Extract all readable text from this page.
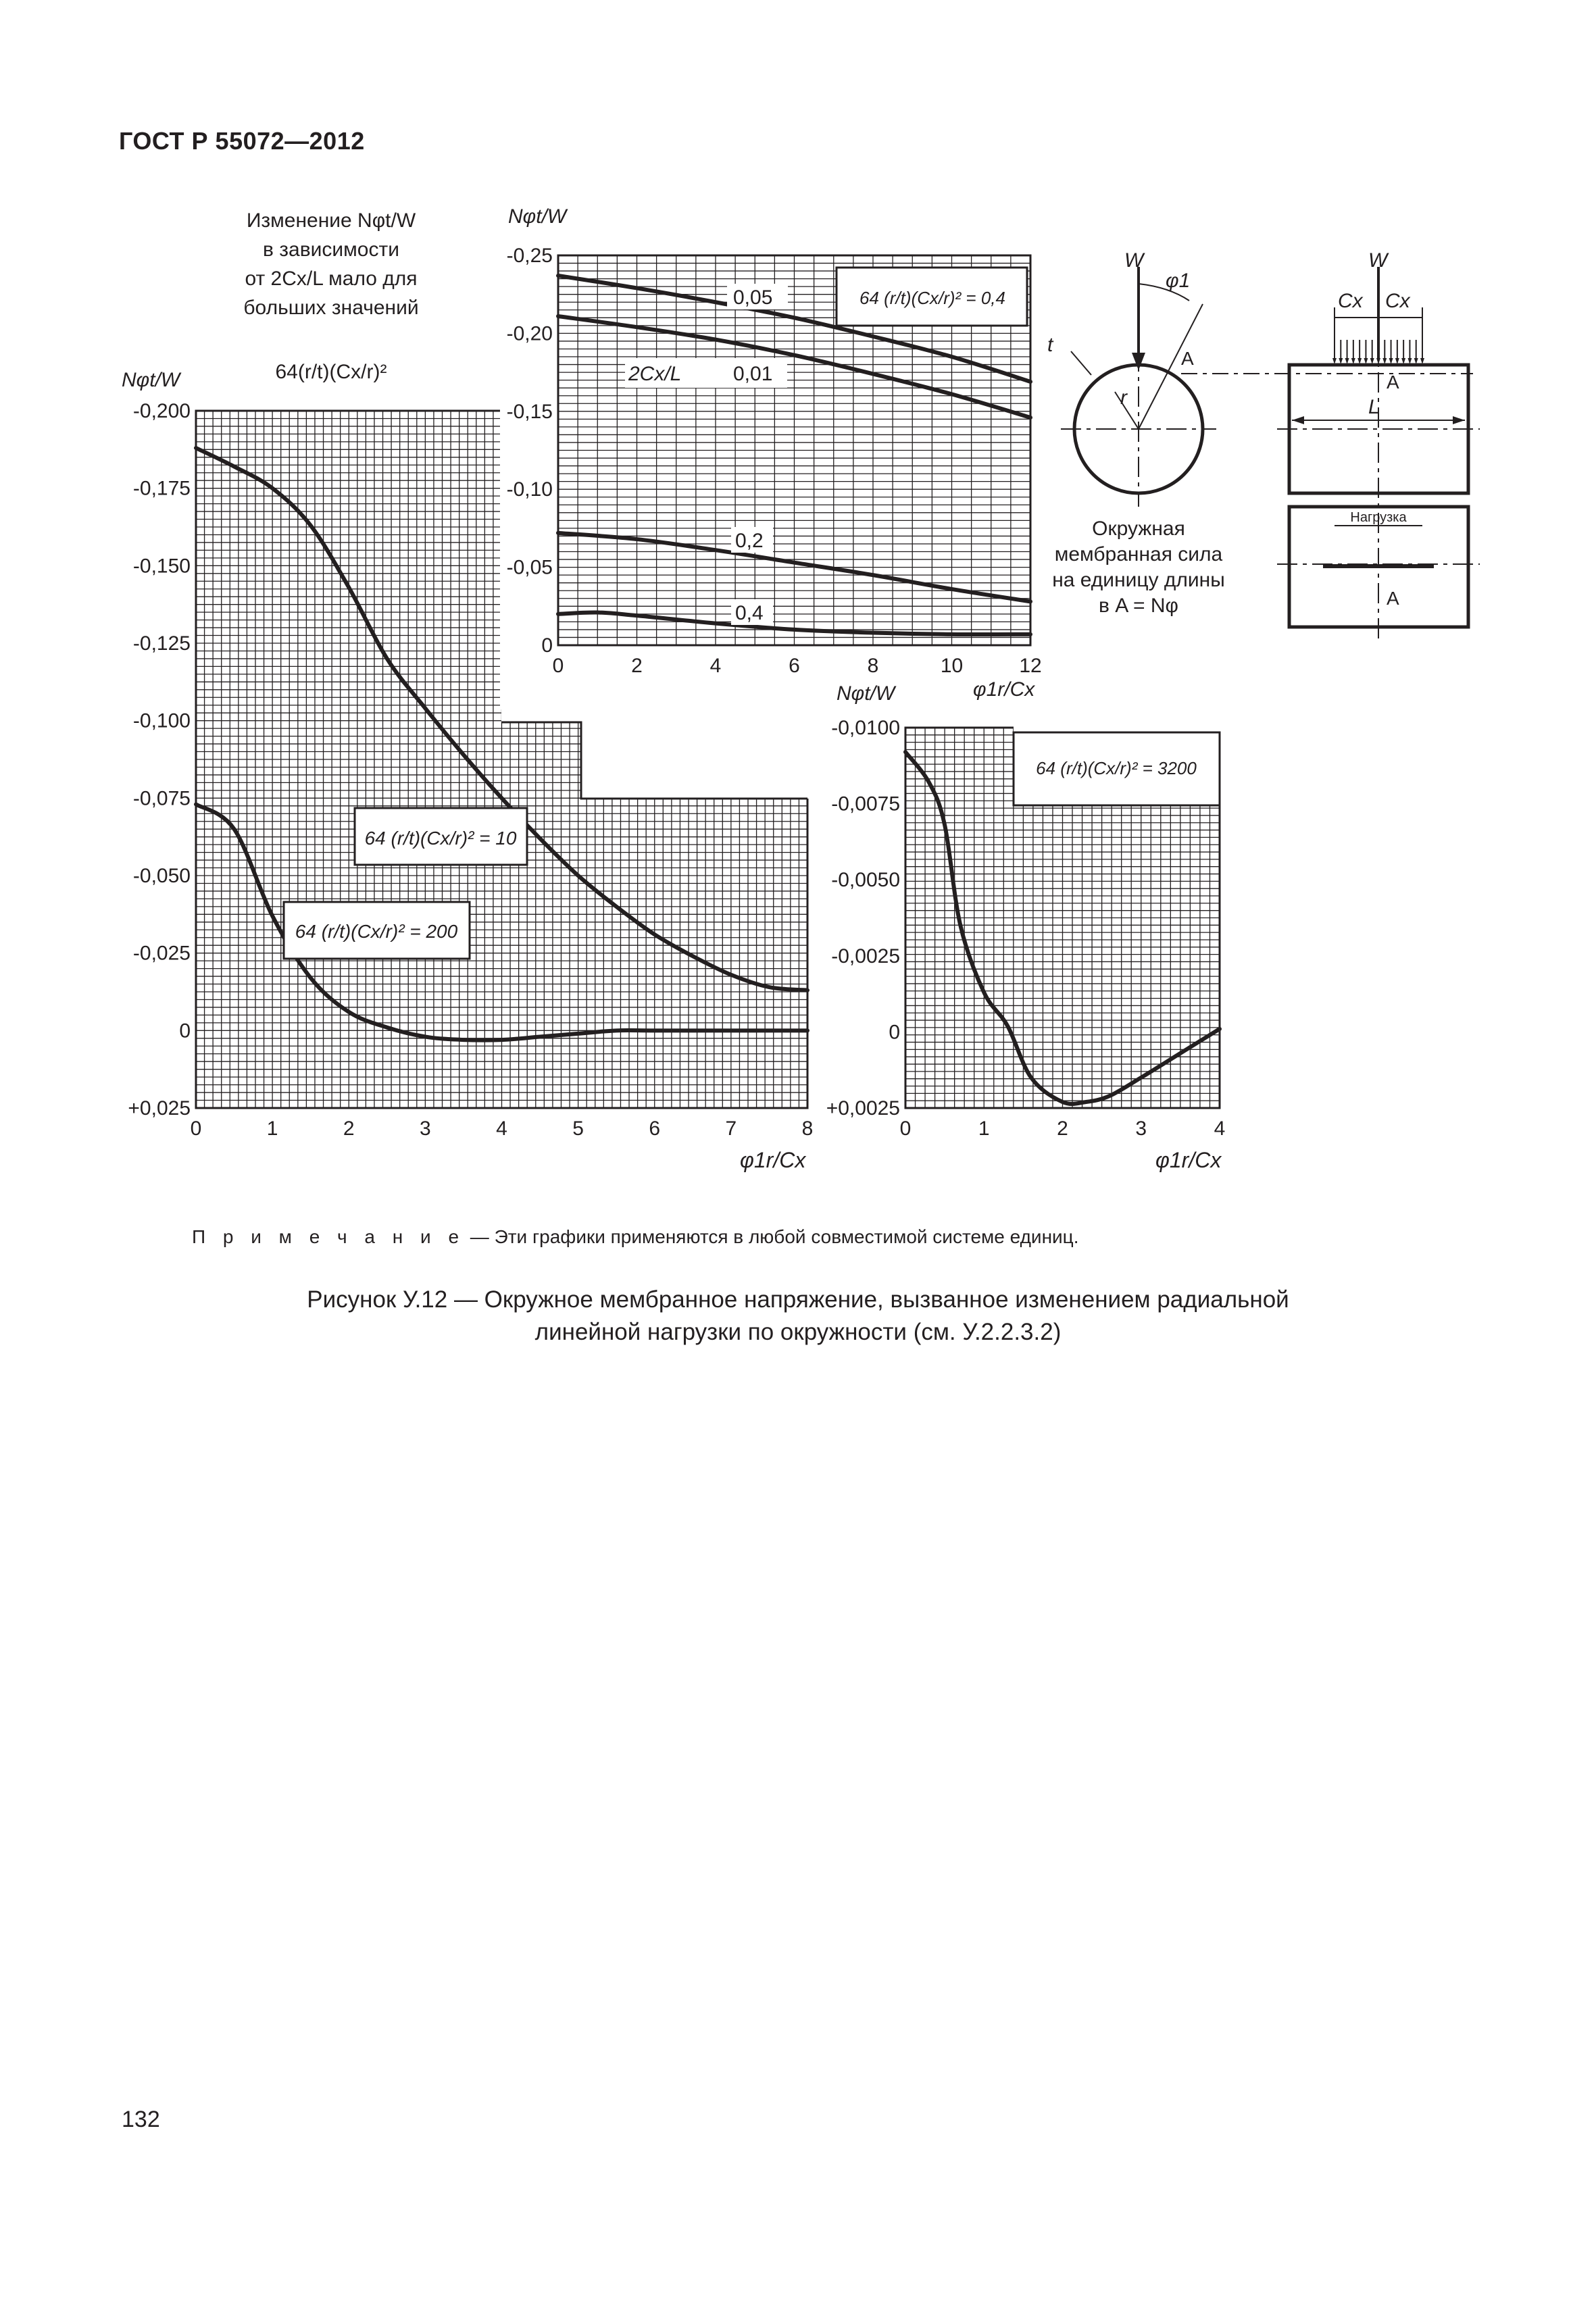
ГОСТ Р 55072—2012
Изменение Nφt/W
в зависимости
от 2Cx/L мало для
больших значений
64(r/t)(Cx/r)²
Nφt/W
0	1	2	3	4	5	6	7	8
-0,200
-0,175
-0,150
-0,125
-0,100
-0,075
-0,050
-0,025
0
+0,025
φ1r/Cx
64 (r/t)(Cx/r)² = 10
64 (r/t)(Cx/r)² = 200
0	2	4	6	8	10	12
-0,25
-0,20
-0,15
-0,10
-0,05
0
Nφt/W
φ1r/Cx
64 (r/t)(Cx/r)² = 0,4
0,05
2Cx/L	0,01
0,2
0,4
0	1	2	3	4
-0,0100
-0,0075
-0,0050
-0,0025
0
+0,0025
Nφt/W
φ1r/Cx
64 (r/t)(Cx/r)² = 3200
W
φ1
t
r
A
W
Cx Cx
L
A
A
Нагрузка
Окружная
мембранная сила
на единицу длины
в A = Nφ
П р и м е ч а н и е — Эти графики применяются в любой совместимой системе единиц.
Рисунок У.12 — Окружное мембранное напряжение, вызванное изменением радиальной
линейной нагрузки по окружности (см. У.2.2.3.2)
132
